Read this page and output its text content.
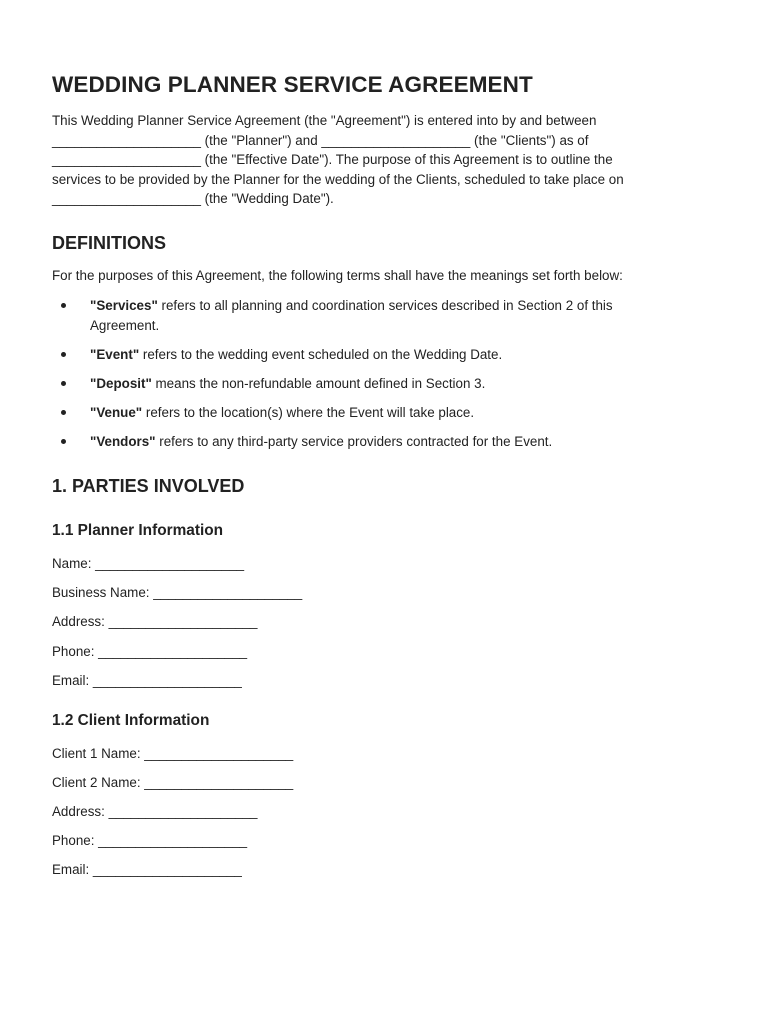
WEDDING PLANNER SERVICE AGREEMENT

This Wedding Planner Service Agreement (the "Agreement") is entered into by and between

____________________ (the "Planner") and ____________________ (the "Clients") as of

____________________ (the "Effective Date"). The purpose of this Agreement is to outline the

services to be provided by the Planner for the wedding of the Clients, scheduled to take place on

____________________ (the "Wedding Date").

DEFINITIONS

For the purposes of this Agreement, the following terms shall have the meanings set forth below:

"Services" refers to all planning and coordination services described in Section 2 of this
Agreement.
"Event" refers to the wedding event scheduled on the Wedding Date.
"Deposit" means the non-refundable amount defined in Section 3.
"Venue" refers to the location(s) where the Event will take place.
"Vendors" refers to any third-party service providers contracted for the Event.
1. PARTIES INVOLVED
1.1 Planner Information

Name: ____________________

Business Name: ____________________

Address: ____________________

Phone: ____________________

Email: ____________________

1.2 Client Information

Client 1 Name: ____________________

Client 2 Name: ____________________

Address: ____________________

Phone: ____________________

Email: ____________________
